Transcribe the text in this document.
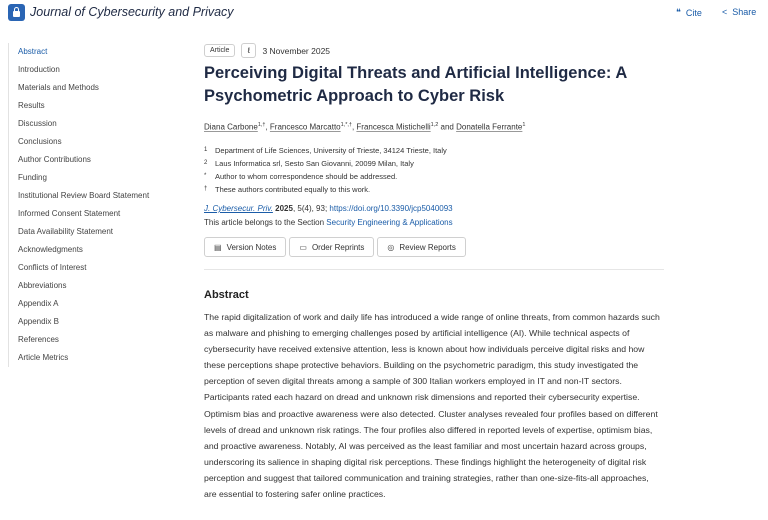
Journal of Cybersecurity and Privacy	❝ Cite < Share
Abstract
Introduction
Materials and Methods
Results
Discussion
Conclusions
Author Contributions
Funding
Institutional Review Board Statement
Informed Consent Statement
Data Availability Statement
Acknowledgments
Conflicts of Interest
Abbreviations
Appendix A
Appendix B
References
Article Metrics
Article	ℓ	3 November 2025
Perceiving Digital Threats and Artificial Intelligence: A Psychometric Approach to Cyber Risk
Diana Carbone$^{1,\dagger}$, Francesco Marcatto$^{1,*,\dagger}$, Francesca Mistichelli$^{1,2}$ and Donatella Ferrante$^1$
1	Department of Life Sciences, University of Trieste, 34124 Trieste, Italy
2	Laus Informatica srl, Sesto San Giovanni, 20099 Milan, Italy
*	Author to whom correspondence should be addressed.
†	These authors contributed equally to this work.
J. Cybersecur. Priv. 2025, 5(4), 93; https://doi.org/10.3390/jcp5040093
This article belongs to the Section Security Engineering & Applications
▤ Version Notes	▭ Order Reprints	◎ Review Reports
Abstract

The rapid digitalization of work and daily life has introduced a wide range of online threats, from common hazards such as malware and phishing to emerging challenges posed by artificial intelligence (AI). While technical aspects of cybersecurity have received extensive attention, less is known about how individuals perceive digital risks and how these perceptions shape protective behaviors. Building on the psychometric paradigm, this study investigated the perception of seven digital threats among a sample of 300 Italian workers employed in IT and non-IT sectors. Participants rated each hazard on dread and unknown risk dimensions and reported their cybersecurity expertise. Optimism bias and proactive awareness were also detected. Cluster analyses revealed four profiles based on different levels of dread and unknown risk ratings. The four profiles also differed in reported levels of expertise, optimism bias, and proactive awareness. Notably, AI was perceived as the least familiar and most uncertain hazard across groups, underscoring its salience in shaping digital risk perceptions. These findings highlight the heterogeneity of digital risk perception and suggest that tailored communication and training strategies, rather than one-size-fits-all approaches, are essential to fostering safer online practices.
